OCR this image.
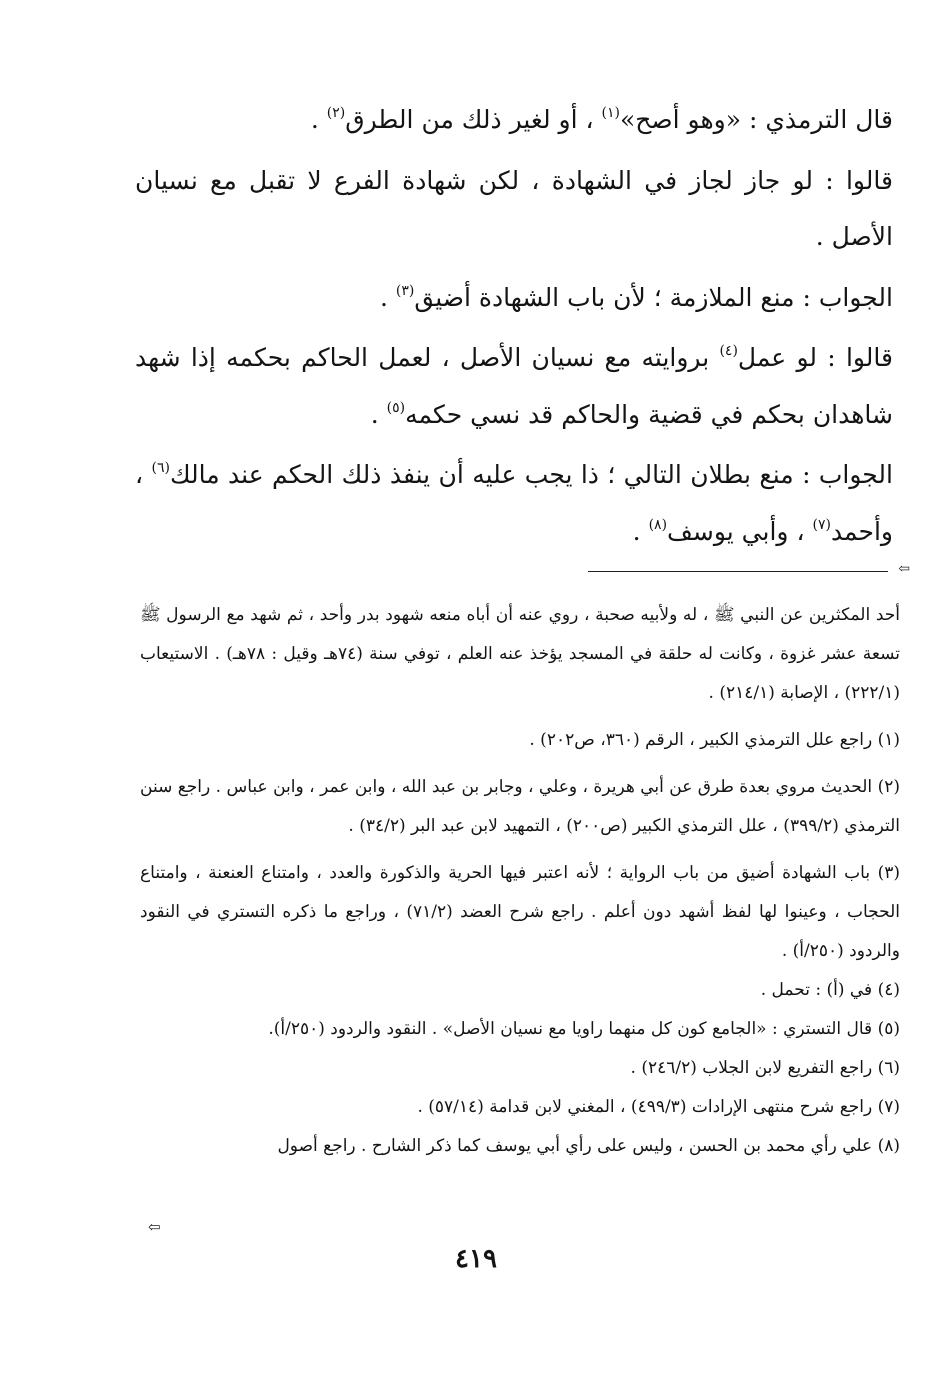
قال الترمذي : «وهو أصح»$^{(١)}$ ، أو لغير ذلك من الطرق$^{(٢)}$ .

قالوا : لو جاز لجاز في الشهادة ، لكن شهادة الفرع لا تقبل مع نسيان الأصل .

الجواب : منع الملازمة ؛ لأن باب الشهادة أضيق$^{(٣)}$ .

قالوا : لو عمل$^{(٤)}$ بروايته مع نسيان الأصل ، لعمل الحاكم بحكمه إذا شهد شاهدان بحكم في قضية والحاكم قد نسي حكمه$^{(٥)}$ .

الجواب : منع بطلان التالي ؛ ذا يجب عليه أن ينفذ ذلك الحكم عند مالك$^{(٦)}$ ، وأحمد$^{(٧)}$ ، وأبي يوسف$^{(٨)}$ .

⇦

أحد المكثرين عن النبي ﷺ ، له ولأبيه صحبة ، روي عنه أن أباه منعه شهود بدر وأحد ، ثم شهد مع الرسول ﷺ تسعة عشر غزوة ، وكانت له حلقة في المسجد يؤخذ عنه العلم ، توفي سنة (٧٤هـ وقيل : ٧٨هـ) . الاستيعاب (٢٢٢/١) ، الإصابة (٢١٤/١) .

(١) راجع علل الترمذي الكبير ، الرقم (٣٦٠، ص٢٠٢) .

(٢) الحديث مروي بعدة طرق عن أبي هريرة ، وعلي ، وجابر بن عبد الله ، وابن عمر ، وابن عباس . راجع سنن الترمذي (٣٩٩/٢) ، علل الترمذي الكبير (ص٢٠٠) ، التمهيد لابن عبد البر (٣٤/٢) .

(٣) باب الشهادة أضيق من باب الرواية ؛ لأنه اعتبر فيها الحرية والذكورة والعدد ، وامتناع العنعنة ، وامتناع الحجاب ، وعينوا لها لفظ أشهد دون أعلم . راجع شرح العضد (٧١/٢) ، وراجع ما ذكره التستري في النقود والردود (٢٥٠/أ) .

(٤) في (أ) : تحمل .

(٥) قال التستري : «الجامع كون كل منهما راويا مع نسيان الأصل» . النقود والردود (٢٥٠/أ).

(٦) راجع التفريع لابن الجلاب (٢٤٦/٢) .

(٧) راجع شرح منتهى الإرادات (٤٩٩/٣) ، المغني لابن قدامة (٥٧/١٤) .

(٨) علي رأي محمد بن الحسن ، وليس على رأي أبي يوسف كما ذكر الشارح . راجع أصول

⇦
٤١٩
